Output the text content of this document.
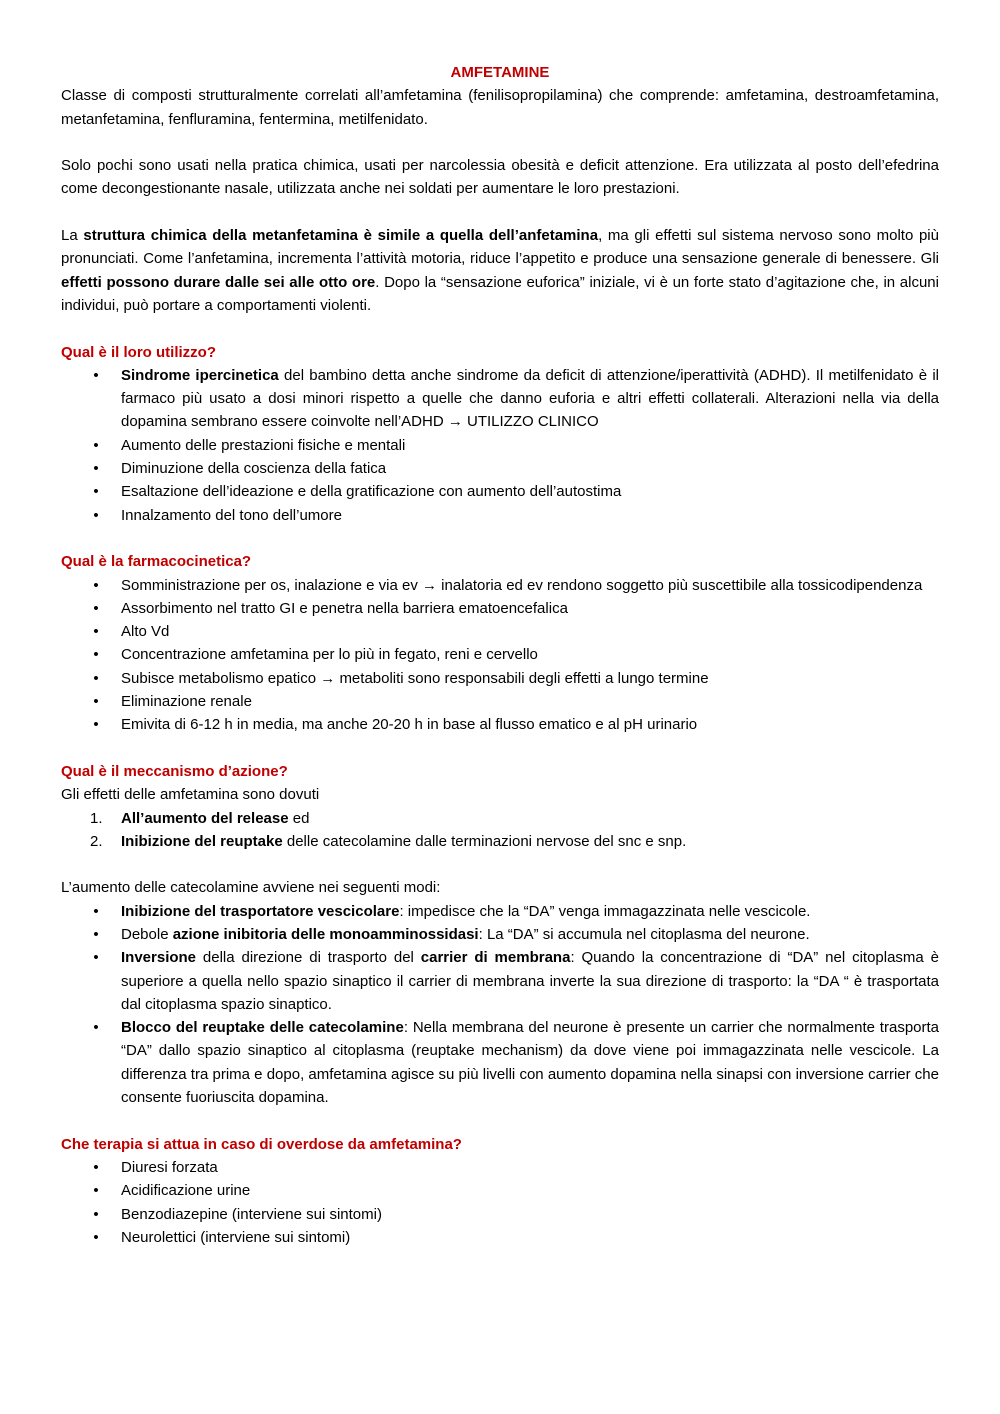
AMFETAMINE

Classe di composti strutturalmente correlati all’amfetamina (fenilisopropilamina) che comprende: amfetamina, destroamfetamina, metanfetamina, fenfluramina, fentermina, metilfenidato.

Solo pochi sono usati nella pratica chimica, usati per narcolessia obesità e deficit attenzione. Era utilizzata al posto dell’efedrina come decongestionante nasale, utilizzata anche nei soldati per aumentare le loro prestazioni.

La struttura chimica della metanfetamina è simile a quella dell’anfetamina, ma gli effetti sul sistema nervoso sono molto più pronunciati. Come l’anfetamina, incrementa l’attività motoria, riduce l’appetito e produce una sensazione generale di benessere. Gli effetti possono durare dalle sei alle otto ore. Dopo la “sensazione euforica” iniziale, vi è un forte stato d’agitazione che, in alcuni individui, può portare a comportamenti violenti.

Qual è il loro utilizzo?
•
Sindrome ipercinetica del bambino detta anche sindrome da deficit di attenzione/iperattività (ADHD). Il metilfenidato è il farmaco più usato a dosi minori rispetto a quelle che danno euforia e altri effetti collaterali. Alterazioni nella via della dopamina sembrano essere coinvolte nell’ADHD → UTILIZZO CLINICO
•
Aumento delle prestazioni fisiche e mentali
•
Diminuzione della coscienza della fatica
•
Esaltazione dell’ideazione e della gratificazione con aumento dell’autostima
•
Innalzamento del tono dell’umore
Qual è la farmacocinetica?
•
Somministrazione per os, inalazione e via ev → inalatoria ed ev rendono soggetto più suscettibile alla tossicodipendenza
•
Assorbimento nel tratto GI e penetra nella barriera ematoencefalica
•
Alto Vd
•
Concentrazione amfetamina per lo più in fegato, reni e cervello
•
Subisce metabolismo epatico → metaboliti sono responsabili degli effetti a lungo termine
•
Eliminazione renale
•
Emivita di 6-12 h in media, ma anche 20-20 h in base al flusso ematico e al pH urinario
Qual è il meccanismo d’azione?

Gli effetti delle amfetamina sono dovuti

1. All’aumento del release ed
2. Inibizione del reuptake delle catecolamine dalle terminazioni nervose del snc e snp.

L’aumento delle catecolamine avviene nei seguenti modi:

•
Inibizione del trasportatore vescicolare: impedisce che la “DA” venga immagazzinata nelle vescicole.
•
Debole azione inibitoria delle monoamminossidasi: La “DA” si accumula nel citoplasma del neurone.
•
Inversione della direzione di trasporto del carrier di membrana: Quando la concentrazione di “DA” nel citoplasma è superiore a quella nello spazio sinaptico il carrier di membrana inverte la sua direzione di trasporto: la “DA “ è trasportata dal citoplasma spazio sinaptico.
•
Blocco del reuptake delle catecolamine: Nella membrana del neurone è presente un carrier che normalmente trasporta “DA” dallo spazio sinaptico al citoplasma (reuptake mechanism) da dove viene poi immagazzinata nelle vescicole. La differenza tra prima e dopo, amfetamina agisce su più livelli con aumento dopamina nella sinapsi con inversione carrier che consente fuoriuscita dopamina.
Che terapia si attua in caso di overdose da amfetamina?
•
Diuresi forzata
•
Acidificazione urine
•
Benzodiazepine (interviene sui sintomi)
•
Neurolettici (interviene sui sintomi)
